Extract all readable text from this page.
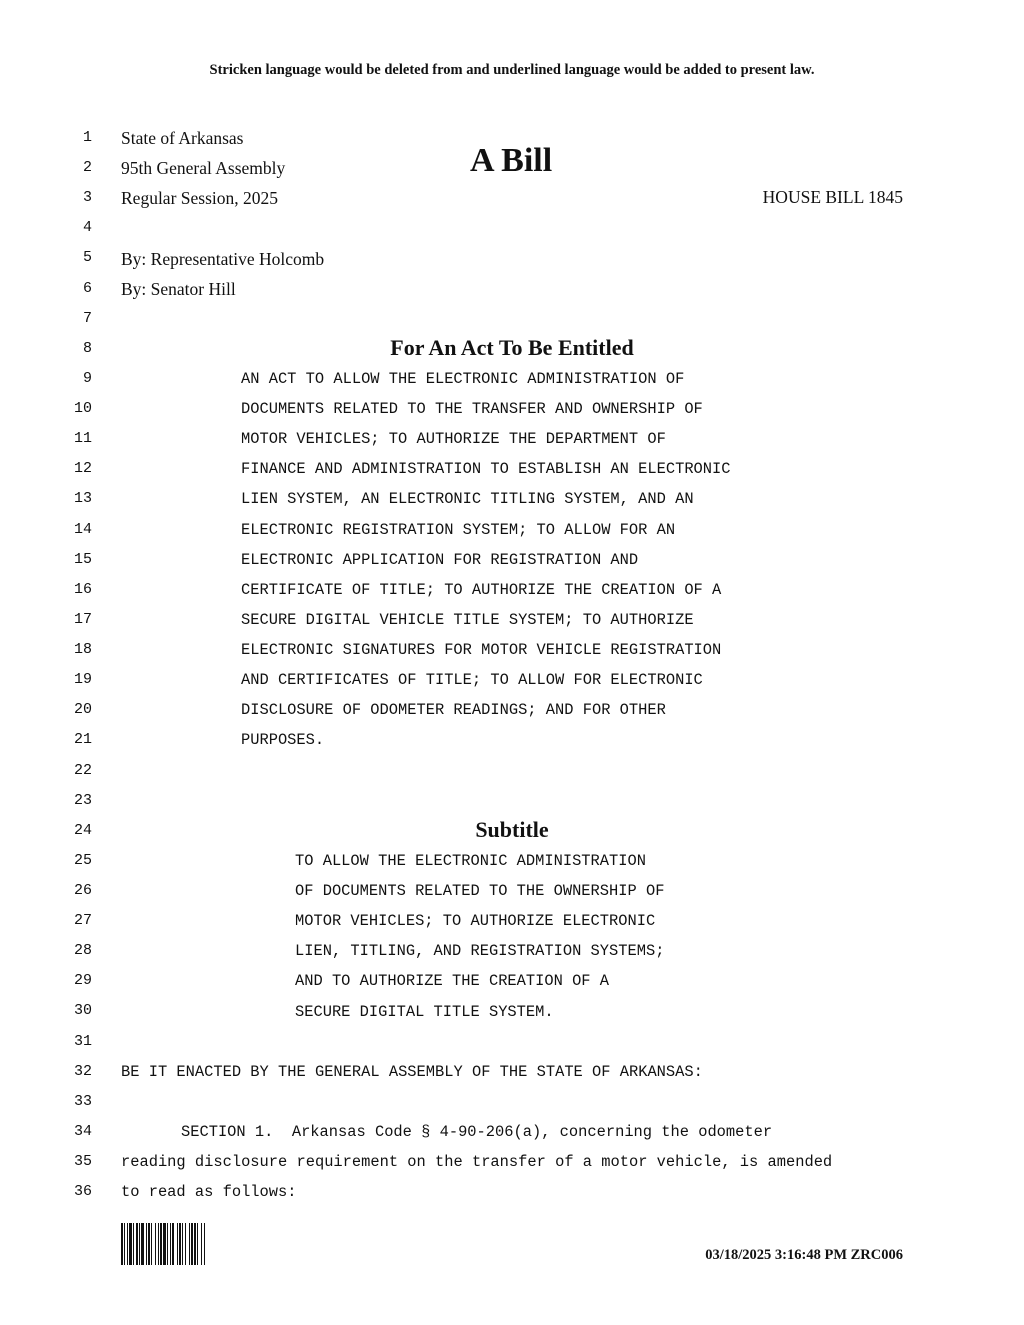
Stricken language would be deleted from and underlined language would be added to present law.
1
2
3
4
5
6
7
8
9
10
11
12
13
14
15
16
17
18
19
20
21
22
23
24
25
26
27
28
29
30
31
32
33
34
35
36
State of Arkansas
95th General Assembly	A Bill
Regular Session, 2025	HOUSE BILL 1845
By: Representative Holcomb
By: Senator Hill
For An Act To Be Entitled
AN ACT TO ALLOW THE ELECTRONIC ADMINISTRATION OF
DOCUMENTS RELATED TO THE TRANSFER AND OWNERSHIP OF
MOTOR VEHICLES; TO AUTHORIZE THE DEPARTMENT OF
FINANCE AND ADMINISTRATION TO ESTABLISH AN ELECTRONIC
LIEN SYSTEM, AN ELECTRONIC TITLING SYSTEM, AND AN
ELECTRONIC REGISTRATION SYSTEM; TO ALLOW FOR AN
ELECTRONIC APPLICATION FOR REGISTRATION AND
CERTIFICATE OF TITLE; TO AUTHORIZE THE CREATION OF A
SECURE DIGITAL VEHICLE TITLE SYSTEM; TO AUTHORIZE
ELECTRONIC SIGNATURES FOR MOTOR VEHICLE REGISTRATION
AND CERTIFICATES OF TITLE; TO ALLOW FOR ELECTRONIC
DISCLOSURE OF ODOMETER READINGS; AND FOR OTHER
PURPOSES.
Subtitle
TO ALLOW THE ELECTRONIC ADMINISTRATION
OF DOCUMENTS RELATED TO THE OWNERSHIP OF
MOTOR VEHICLES; TO AUTHORIZE ELECTRONIC
LIEN, TITLING, AND REGISTRATION SYSTEMS;
AND TO AUTHORIZE THE CREATION OF A
SECURE DIGITAL TITLE SYSTEM.
BE IT ENACTED BY THE GENERAL ASSEMBLY OF THE STATE OF ARKANSAS:
SECTION 1.  Arkansas Code § 4-90-206(a), concerning the odometer
reading disclosure requirement on the transfer of a motor vehicle, is amended
to read as follows:
03/18/2025 3:16:48 PM ZRC006
